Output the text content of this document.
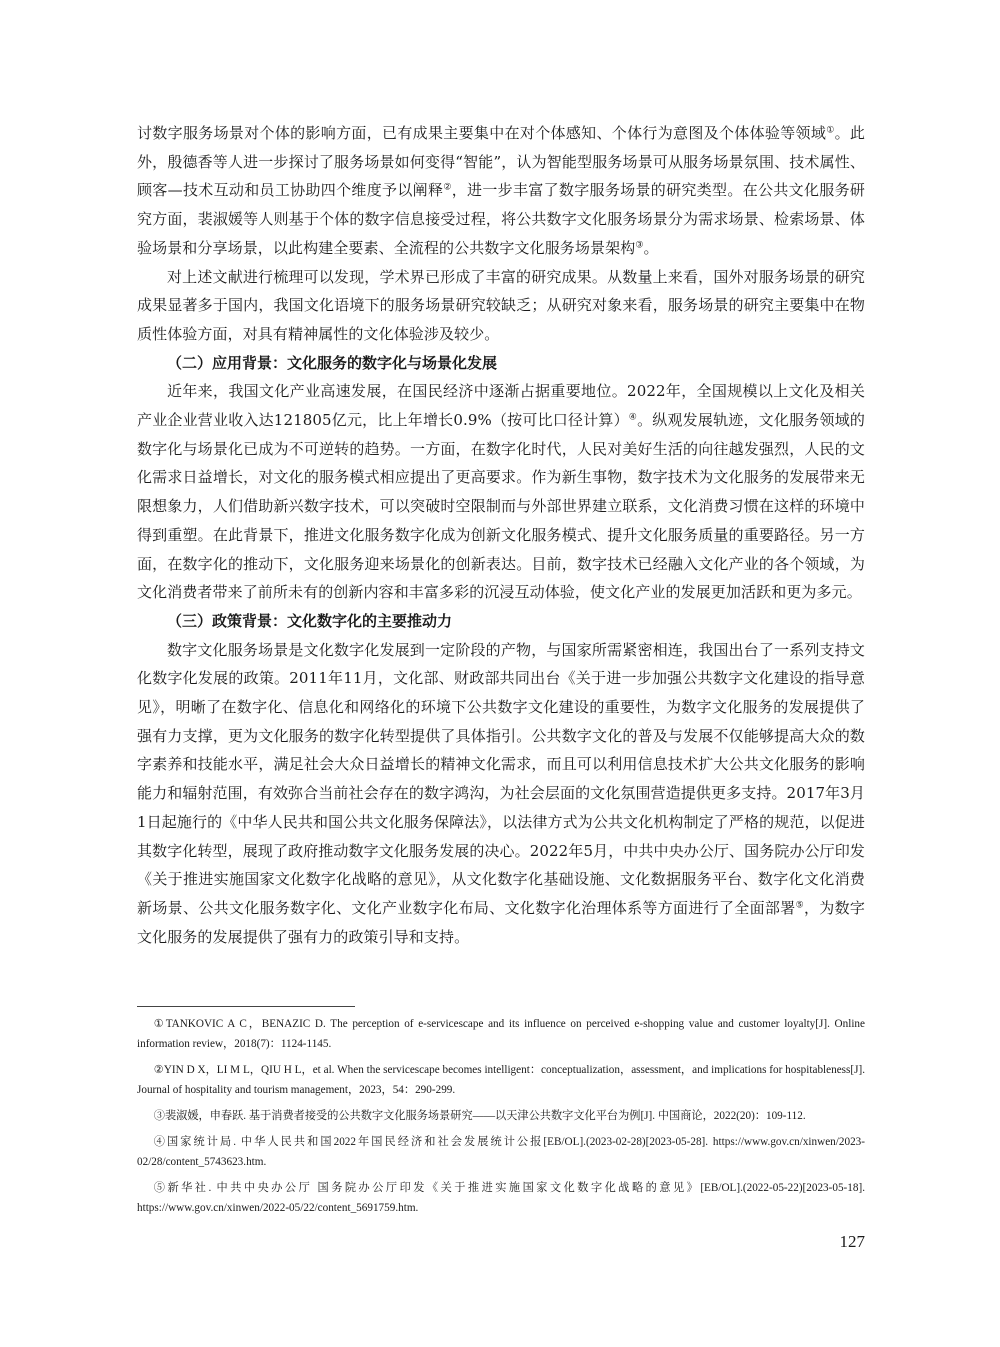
讨数字服务场景对个体的影响方面，已有成果主要集中在对个体感知、个体行为意图及个体体验等领域①。此外，殷德香等人进一步探讨了服务场景如何变得“智能”，认为智能型服务场景可从服务场景氛围、技术属性、顾客—技术互动和员工协助四个维度予以阐释②，进一步丰富了数字服务场景的研究类型。在公共文化服务研究方面，裴淑媛等人则基于个体的数字信息接受过程，将公共数字文化服务场景分为需求场景、检索场景、体验场景和分享场景，以此构建全要素、全流程的公共数字文化服务场景架构③。

对上述文献进行梳理可以发现，学术界已形成了丰富的研究成果。从数量上来看，国外对服务场景的研究成果显著多于国内，我国文化语境下的服务场景研究较缺乏；从研究对象来看，服务场景的研究主要集中在物质性体验方面，对具有精神属性的文化体验涉及较少。

（二）应用背景：文化服务的数字化与场景化发展

近年来，我国文化产业高速发展，在国民经济中逐渐占据重要地位。2022年，全国规模以上文化及相关产业企业营业收入达121805亿元，比上年增长0.9%（按可比口径计算）④。纵观发展轨迹，文化服务领域的数字化与场景化已成为不可逆转的趋势。一方面，在数字化时代，人民对美好生活的向往越发强烈，人民的文化需求日益增长，对文化的服务模式相应提出了更高要求。作为新生事物，数字技术为文化服务的发展带来无限想象力，人们借助新兴数字技术，可以突破时空限制而与外部世界建立联系，文化消费习惯在这样的环境中得到重塑。在此背景下，推进文化服务数字化成为创新文化服务模式、提升文化服务质量的重要路径。另一方面，在数字化的推动下，文化服务迎来场景化的创新表达。目前，数字技术已经融入文化产业的各个领域，为文化消费者带来了前所未有的创新内容和丰富多彩的沉浸互动体验，使文化产业的发展更加活跃和更为多元。

（三）政策背景：文化数字化的主要推动力

数字文化服务场景是文化数字化发展到一定阶段的产物，与国家所需紧密相连，我国出台了一系列支持文化数字化发展的政策。2011年11月，文化部、财政部共同出台《关于进一步加强公共数字文化建设的指导意见》，明晰了在数字化、信息化和网络化的环境下公共数字文化建设的重要性，为数字文化服务的发展提供了强有力支撑，更为文化服务的数字化转型提供了具体指引。公共数字文化的普及与发展不仅能够提高大众的数字素养和技能水平，满足社会大众日益增长的精神文化需求，而且可以利用信息技术扩大公共文化服务的影响能力和辐射范围，有效弥合当前社会存在的数字鸿沟，为社会层面的文化氛围营造提供更多支持。2017年3月1日起施行的《中华人民共和国公共文化服务保障法》，以法律方式为公共文化机构制定了严格的规范，以促进其数字化转型，展现了政府推动数字文化服务发展的决心。2022年5月，中共中央办公厅、国务院办公厅印发《关于推进实施国家文化数字化战略的意见》，从文化数字化基础设施、文化数据服务平台、数字化文化消费新场景、公共文化服务数字化、文化产业数字化布局、文化数字化治理体系等方面进行了全面部署⑤，为数字文化服务的发展提供了强有力的政策引导和支持。

①TANKOVIC A C，BENAZIC D. The perception of e-servicescape and its influence on perceived e-shopping value and customer loyalty[J]. Online information review，2018(7)：1124-1145.

②YIN D X，LI M L，QIU H L，et al. When the servicescape becomes intelligent：conceptualization，assessment，and implications for hospitableness[J]. Journal of hospitality and tourism management，2023，54：290-299.

③裴淑媛，申春跃. 基于消费者接受的公共数字文化服务场景研究——以天津公共数字文化平台为例[J]. 中国商论，2022(20)：109-112.

④国家统计局. 中华人民共和国2022年国民经济和社会发展统计公报[EB/OL].(2023-02-28)[2023-05-28]. https://www.gov.cn/xinwen/2023-02/28/content_5743623.htm.

⑤新华社. 中共中央办公厅 国务院办公厅印发《关于推进实施国家文化数字化战略的意见》[EB/OL].(2022-05-22)[2023-05-18]. https://www.gov.cn/xinwen/2022-05/22/content_5691759.htm.

127
